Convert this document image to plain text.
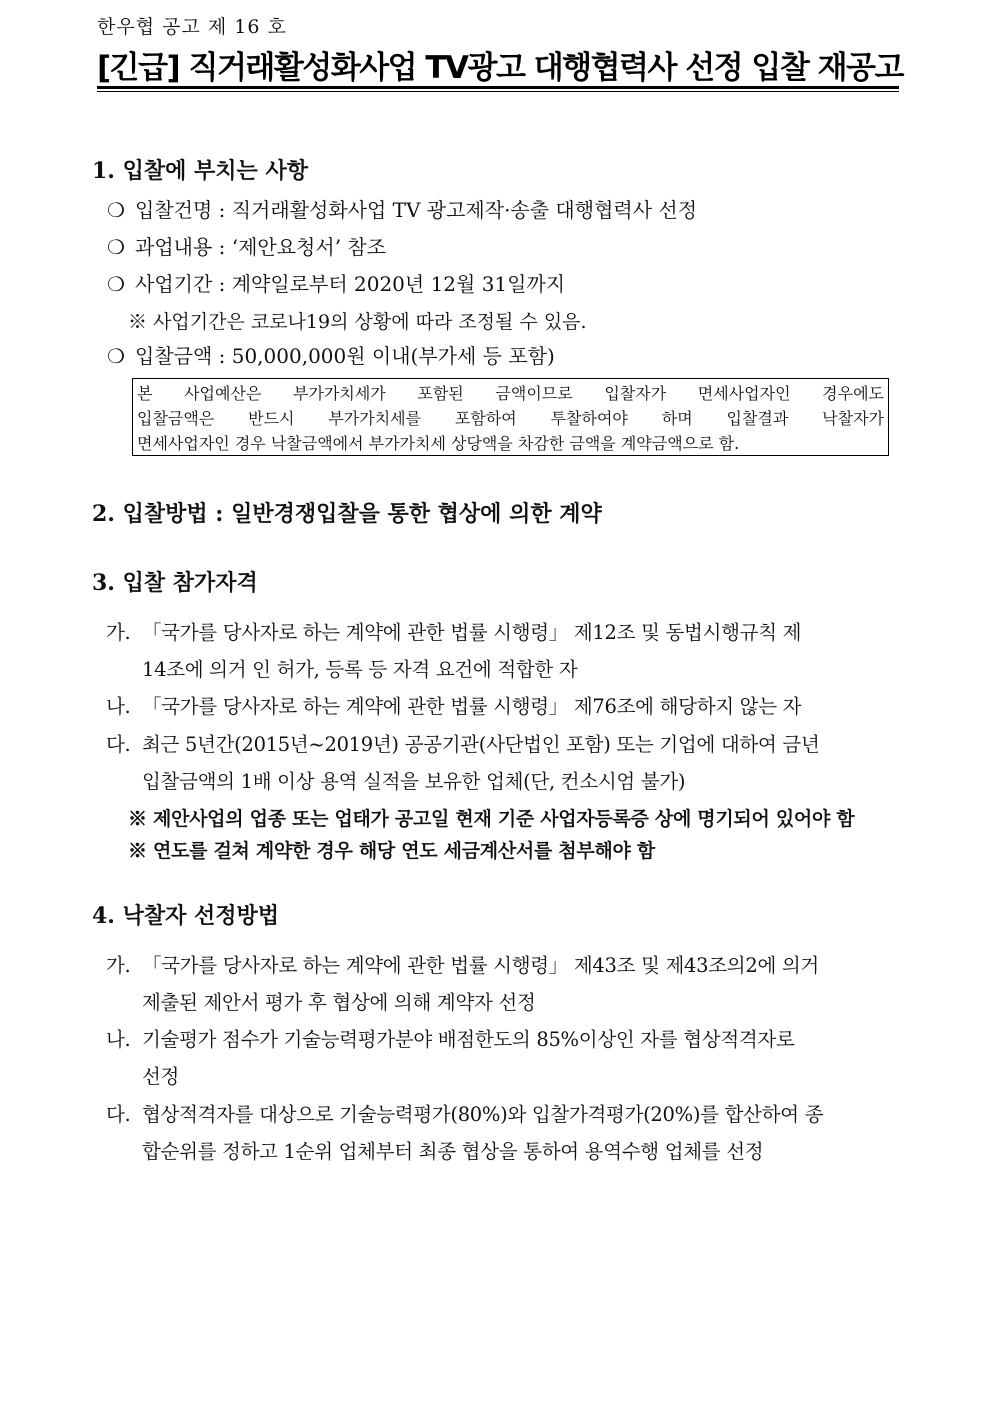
한우협 공고 제 16 호
[긴급] 직거래활성화사업 TV광고 대행협력사 선정 입찰 재공고
1. 입찰에 부치는 사항
❍ 입찰건명 : 직거래활성화사업 TV 광고제작·송출 대행협력사 선정
❍ 과업내용 : ‘제안요청서’ 참조
❍ 사업기간 : 계약일로부터 2020년 12월 31일까지
※ 사업기간은 코로나19의 상황에 따라 조정될 수 있음.
❍ 입찰금액 : 50,000,000원 이내(부가세 등 포함)
본 사업예산은 부가가치세가 포함된 금액이므로 입찰자가 면세사업자인 경우에도
입찰금액은 반드시 부가가치세를 포함하여 투찰하여야 하며 입찰결과 낙찰자가
면세사업자인 경우 낙찰금액에서 부가가치세 상당액을 차감한 금액을 계약금액으로 함.
2. 입찰방법 : 일반경쟁입찰을 통한 협상에 의한 계약
3. 입찰 참가자격
가. 「국가를 당사자로 하는 계약에 관한 법률 시행령」 제12조 및 동법시행규칙 제
14조에 의거 인 허가, 등록 등 자격 요건에 적합한 자
나. 「국가를 당사자로 하는 계약에 관한 법률 시행령」 제76조에 해당하지 않는 자
다. 최근 5년간(2015년~2019년) 공공기관(사단법인 포함) 또는 기업에 대하여 금년
입찰금액의 1배 이상 용역 실적을 보유한 업체(단, 컨소시엄 불가)
※ 제안사업의 업종 또는 업태가 공고일 현재 기준 사업자등록증 상에 명기되어 있어야 함
※ 연도를 걸쳐 계약한 경우 해당 연도 세금계산서를 첨부해야 함
4. 낙찰자 선정방법
가. 「국가를 당사자로 하는 계약에 관한 법률 시행령」 제43조 및 제43조의2에 의거
제출된 제안서 평가 후 협상에 의해 계약자 선정
나. 기술평가 점수가 기술능력평가분야 배점한도의 85%이상인 자를 협상적격자로
선정
다. 협상적격자를 대상으로 기술능력평가(80%)와 입찰가격평가(20%)를 합산하여 종
합순위를 정하고 1순위 업체부터 최종 협상을 통하여 용역수행 업체를 선정
